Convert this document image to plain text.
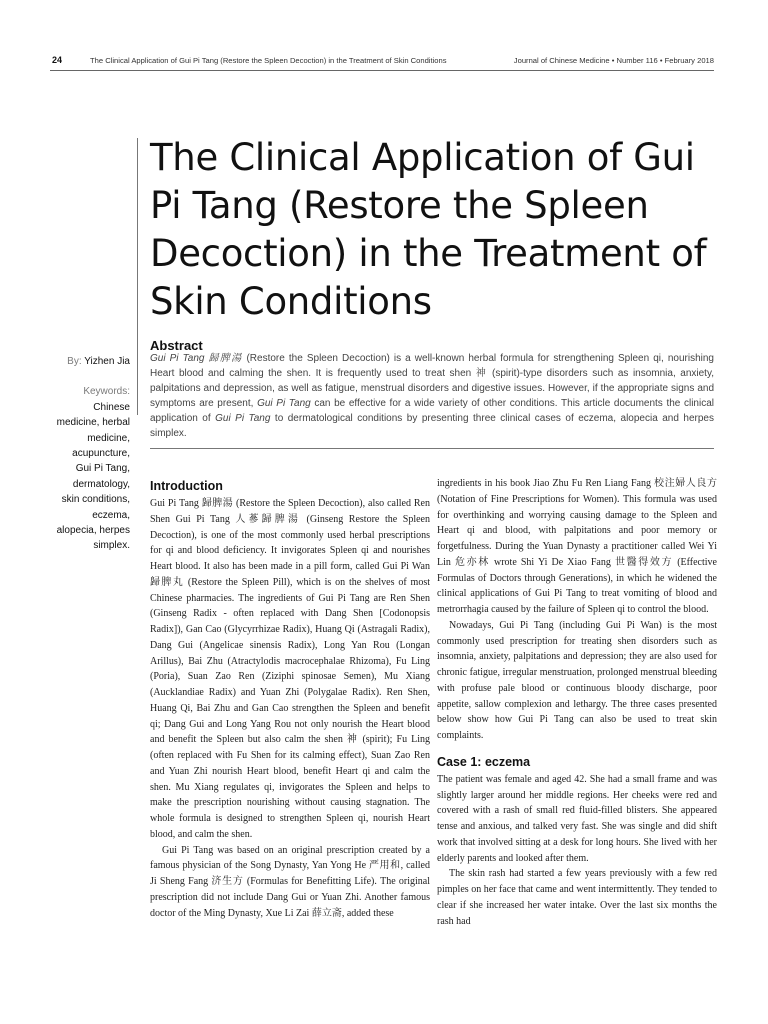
24	The Clinical Application of Gui Pi Tang (Restore the Spleen Decoction) in the Treatment of Skin Conditions	Journal of Chinese Medicine • Number 116 • February 2018
The Clinical Application of Gui Pi Tang (Restore the Spleen Decoction) in the Treatment of Skin Conditions
Abstract

Gui Pi Tang 歸脾湯 (Restore the Spleen Decoction) is a well-known herbal formula for strengthening Spleen qi, nourishing Heart blood and calming the shen. It is frequently used to treat shen 神 (spirit)-type disorders such as insomnia, anxiety, palpitations and depression, as well as fatigue, menstrual disorders and digestive issues. However, if the appropriate signs and symptoms are present, Gui Pi Tang can be effective for a wide variety of other conditions. This article documents the clinical application of Gui Pi Tang to dermatological conditions by presenting three clinical cases of eczema, alopecia and herpes simplex.

By: Yizhen Jia
Keywords:
Chinese
medicine, herbal
medicine,
acupuncture,
Gui Pi Tang,
dermatology,
skin conditions,
eczema,
alopecia, herpes
simplex.
Introduction

Gui Pi Tang 歸脾湯 (Restore the Spleen Decoction), also called Ren Shen Gui Pi Tang 人蔘歸脾湯 (Ginseng Restore the Spleen Decoction), is one of the most commonly used herbal prescriptions for qi and blood deficiency. It invigorates Spleen qi and nourishes Heart blood. It also has been made in a pill form, called Gui Pi Wan 歸脾丸 (Restore the Spleen Pill), which is on the shelves of most Chinese pharmacies. The ingredients of Gui Pi Tang are Ren Shen (Ginseng Radix - often replaced with Dang Shen [Codonopsis Radix]), Gan Cao (Glycyrrhizae Radix), Huang Qi (Astragali Radix), Dang Gui (Angelicae sinensis Radix), Long Yan Rou (Longan Arillus), Bai Zhu (Atractylodis macrocephalae Rhizoma), Fu Ling (Poria), Suan Zao Ren (Ziziphi spinosae Semen), Mu Xiang (Aucklandiae Radix) and Yuan Zhi (Polygalae Radix). Ren Shen, Huang Qi, Bai Zhu and Gan Cao strengthen the Spleen and benefit qi; Dang Gui and Long Yang Rou not only nourish the Heart blood and benefit the Spleen but also calm the shen 神 (spirit); Fu Ling (often replaced with Fu Shen for its calming effect), Suan Zao Ren and Yuan Zhi nourish Heart blood, benefit Heart qi and calm the shen. Mu Xiang regulates qi, invigorates the Spleen and helps to make the prescription nourishing without causing stagnation. The whole formula is designed to strengthen Spleen qi, nourish Heart blood, and calm the shen.

Gui Pi Tang was based on an original prescription created by a famous physician of the Song Dynasty, Yan Yong He 严用和, called Ji Sheng Fang 济生方 (Formulas for Benefitting Life). The original prescription did not include Dang Gui or Yuan Zhi. Another famous doctor of the Ming Dynasty, Xue Li Zai 薛立斋, added these

ingredients in his book Jiao Zhu Fu Ren Liang Fang 校注婦人良方 (Notation of Fine Prescriptions for Women). This formula was used for overthinking and worrying causing damage to the Spleen and Heart qi and blood, with palpitations and poor memory or forgetfulness. During the Yuan Dynasty a practitioner called Wei Yi Lin 危亦林 wrote Shi Yi De Xiao Fang 世醫得效方 (Effective Formulas of Doctors through Generations), in which he widened the clinical applications of Gui Pi Tang to treat vomiting of blood and metrorrhagia caused by the failure of Spleen qi to control the blood.

Nowadays, Gui Pi Tang (including Gui Pi Wan) is the most commonly used prescription for treating shen disorders such as insomnia, anxiety, palpitations and depression; they are also used for chronic fatigue, irregular menstruation, prolonged menstrual bleeding with profuse pale blood or continuous bloody discharge, poor appetite, sallow complexion and lethargy. The three cases presented below show how Gui Pi Tang can also be used to treat skin complaints.

Case 1: eczema

The patient was female and aged 42. She had a small frame and was slightly larger around her middle regions. Her cheeks were red and covered with a rash of small red fluid-filled blisters. She appeared tense and anxious, and talked very fast. She was single and did shift work that involved sitting at a desk for long hours. She lived with her elderly parents and looked after them.

The skin rash had started a few years previously with a few red pimples on her face that came and went intermittently. They tended to clear if she increased her water intake. Over the last six months the rash had
